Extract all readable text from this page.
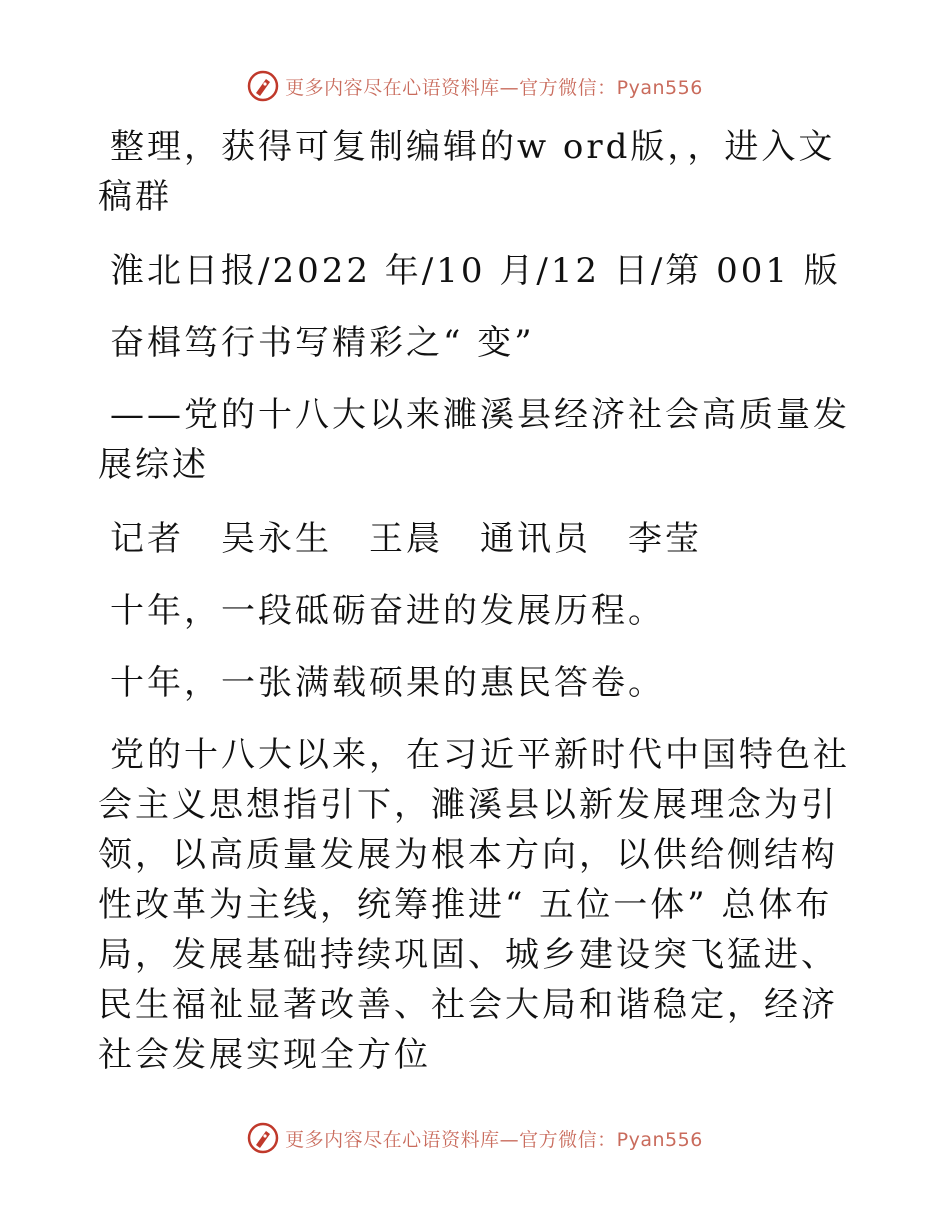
更多内容尽在心语资料库—官方微信：Pyan556

整理，获得可复制编辑的w ord版，，进入文稿群

淮北日报/2022 年/10 月/12 日/第 001 版

奋楫笃行书写精彩之“ 变”

——党的十八大以来濉溪县经济社会高质量发展综述

记者　吴永生　王晨　通讯员　李莹

十年，一段砥砺奋进的发展历程。

十年，一张满载硕果的惠民答卷。

党的十八大以来，在习近平新时代中国特色社会主义思想指引下，濉溪县以新发展理念为引领，以高质量发展为根本方向，以供给侧结构性改革为主线，统筹推进“ 五位一体” 总体布局，发展基础持续巩固、城乡建设突飞猛进、民生福祉显著改善、社会大局和谐稳定，经济社会发展实现全方位

更多内容尽在心语资料库—官方微信：Pyan556
